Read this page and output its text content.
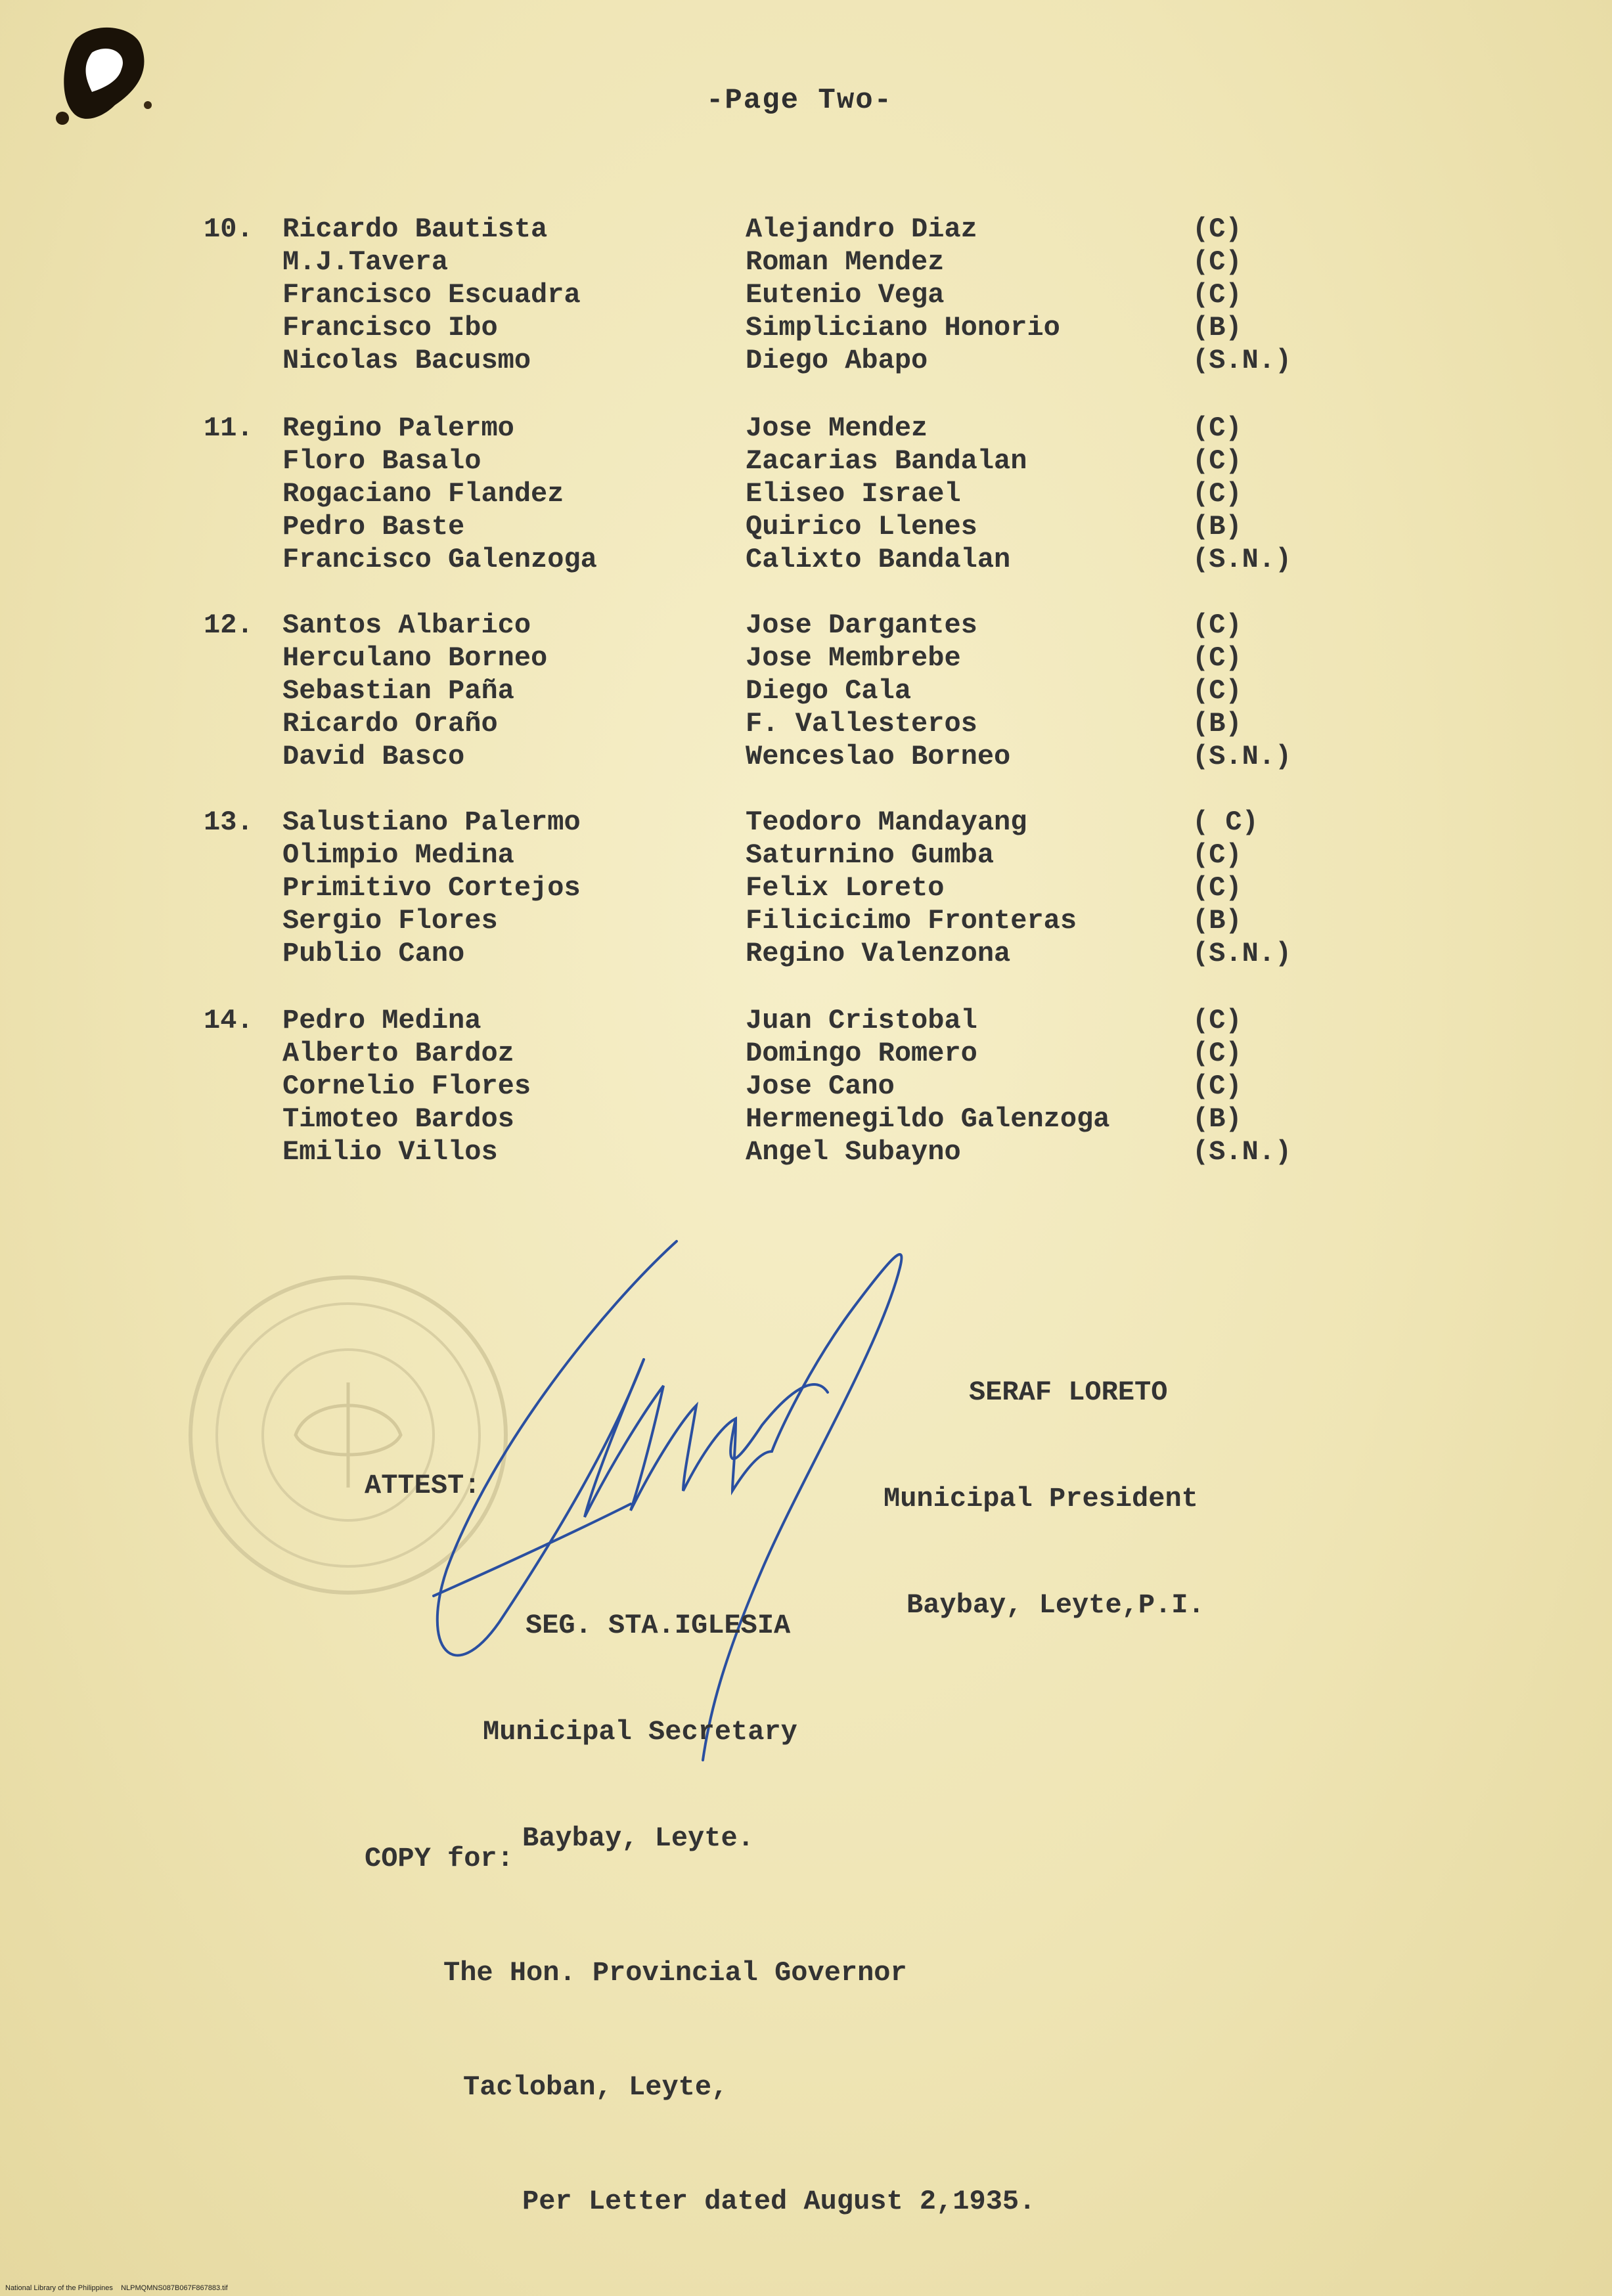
-Page Two-
10. Ricardo Bautista	Alejandro Diaz	(C)
M.J.Tavera	Roman Mendez	(C)
Francisco Escuadra	Eutenio Vega	(C)
Francisco Ibo	Simpliciano Honorio	(B)
Nicolas Bacusmo	Diego Abapo	(S.N.)
11. Regino Palermo	Jose Mendez	(C)
Floro Basalo	Zacarias Bandalan	(C)
Rogaciano Flandez	Eliseo Israel	(C)
Pedro Baste	Quirico Llenes	(B)
Francisco Galenzoga	Calixto Bandalan	(S.N.)
12. Santos Albarico	Jose Dargantes	(C)
Herculano Borneo	Jose Membrebe	(C)
Sebastian Paña	Diego Cala	(C)
Ricardo Oraño	F. Vallesteros	(B)
David Basco	Wenceslao Borneo	(S.N.)
13. Salustiano Palermo	Teodoro Mandayang	( C)
Olimpio Medina	Saturnino Gumba	(C)
Primitivo Cortejos	Felix Loreto	(C)
Sergio Flores	Filicicimo Fronteras	(B)
Publio Cano	Regino Valenzona	(S.N.)
14. Pedro Medina	Juan Cristobal	(C)
Alberto Bardoz	Domingo Romero	(C)
Cornelio Flores	Jose Cano	(C)
Timoteo Bardos	Hermenegildo Galenzoga	(B)
Emilio Villos	Angel Subayno	(S.N.)

SERAF LORETO

Municipal President

Baybay, Leyte,P.I.

ATTEST:

SEG. STA.IGLESIA

Municipal Secretary

Baybay, Leyte.

COPY for:

The Hon. Provincial Governor

Tacloban, Leyte,

Per Letter dated August 2,1935.

National Library of the Philippines    NLPMQMNS087B067F867883.tif
